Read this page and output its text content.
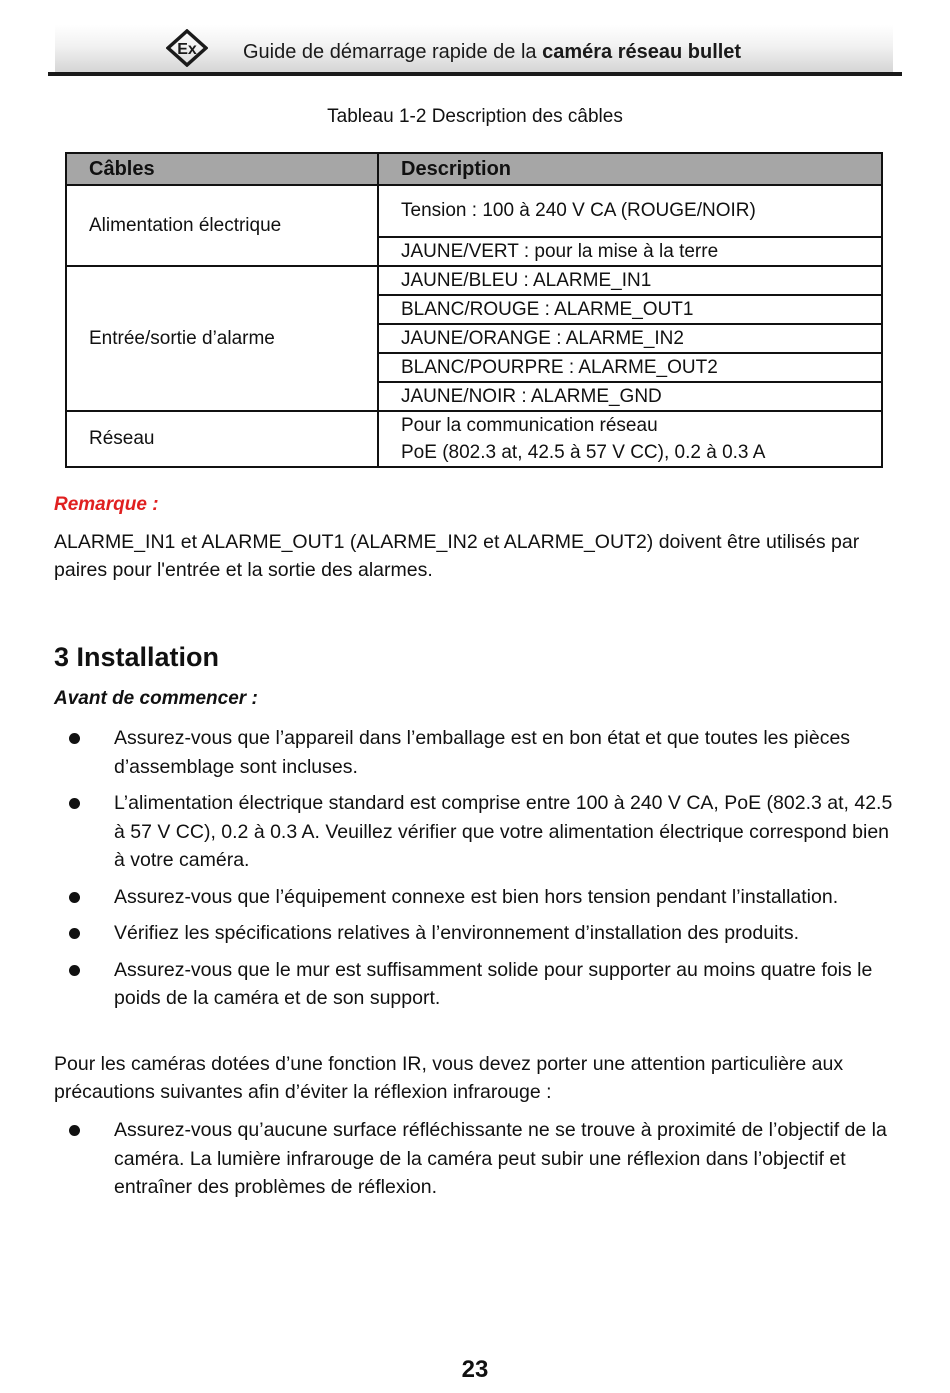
Ex Guide de démarrage rapide de la caméra réseau bullet
Tableau 1-2 Description des câbles
Câbles	Description
Alimentation électrique	Tension : 100 à 240 V CA (ROUGE/NOIR)
	JAUNE/VERT : pour la mise à la terre
Entrée/sortie d’alarme	JAUNE/BLEU : ALARME_IN1
	BLANC/ROUGE : ALARME_OUT1
	JAUNE/ORANGE : ALARME_IN2
	BLANC/POURPRE : ALARME_OUT2
	JAUNE/NOIR : ALARME_GND
Réseau	Pour la communication réseau
PoE (802.3 at, 42.5 à 57 V CC), 0.2 à 0.3 A
Remarque :
ALARME_IN1 et ALARME_OUT1 (ALARME_IN2 et ALARME_OUT2) doivent être utilisés par paires pour l'entrée et la sortie des alarmes.
3 Installation
Avant de commencer :
Assurez-vous que l’appareil dans l’emballage est en bon état et que toutes les pièces d’assemblage sont incluses.
L’alimentation électrique standard est comprise entre 100 à 240 V CA, PoE (802.3 at, 42.5 à 57 V CC), 0.2 à 0.3 A. Veuillez vérifier que votre alimentation électrique correspond bien à votre caméra.
Assurez-vous que l’équipement connexe est bien hors tension pendant l’installation.
Vérifiez les spécifications relatives à l’environnement d’installation des produits.
Assurez-vous que le mur est suffisamment solide pour supporter au moins quatre fois le poids de la caméra et de son support.
Pour les caméras dotées d’une fonction IR, vous devez porter une attention particulière aux précautions suivantes afin d’éviter la réflexion infrarouge :
Assurez-vous qu’aucune surface réfléchissante ne se trouve à proximité de l’objectif de la caméra. La lumière infrarouge de la caméra peut subir une réflexion dans l’objectif et entraîner des problèmes de réflexion.
23
